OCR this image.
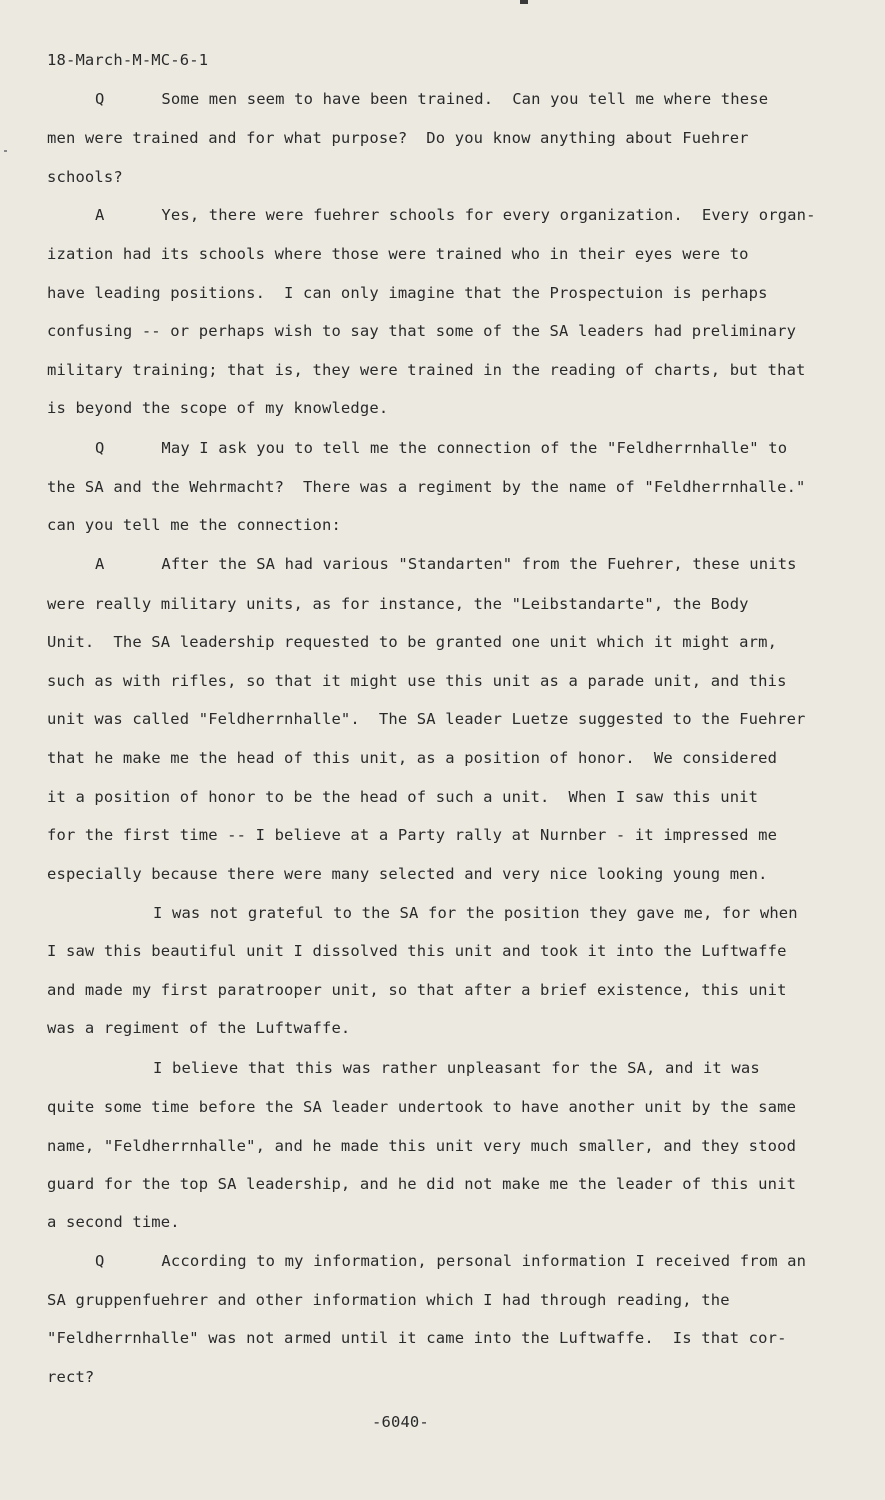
18-March-M-MC-6-1
Q      Some men seem to have been trained.  Can you tell me where these
men were trained and for what purpose?  Do you know anything about Fuehrer
schools?
A      Yes, there were fuehrer schools for every organization.  Every organ-
ization had its schools where those were trained who in their eyes were to
have leading positions.  I can only imagine that the Prospectuion is perhaps
confusing -- or perhaps wish to say that some of the SA leaders had preliminary
military training; that is, they were trained in the reading of charts, but that
is beyond the scope of my knowledge.
Q      May I ask you to tell me the connection of the "Feldherrnhalle" to
the SA and the Wehrmacht?  There was a regiment by the name of "Feldherrnhalle."
can you tell me the connection:
A      After the SA had various "Standarten" from the Fuehrer, these units
were really military units, as for instance, the "Leibstandarte", the Body
Unit.  The SA leadership requested to be granted one unit which it might arm,
such as with rifles, so that it might use this unit as a parade unit, and this
unit was called "Feldherrnhalle".  The SA leader Luetze suggested to the Fuehrer
that he make me the head of this unit, as a position of honor.  We considered
it a position of honor to be the head of such a unit.  When I saw this unit
for the first time -- I believe at a Party rally at Nurnber - it impressed me
especially because there were many selected and very nice looking young men.
I was not grateful to the SA for the position they gave me, for when
I saw this beautiful unit I dissolved this unit and took it into the Luftwaffe
and made my first paratrooper unit, so that after a brief existence, this unit
was a regiment of the Luftwaffe.
I believe that this was rather unpleasant for the SA, and it was
quite some time before the SA leader undertook to have another unit by the same
name, "Feldherrnhalle", and he made this unit very much smaller, and they stood
guard for the top SA leadership, and he did not make me the leader of this unit
a second time.
Q      According to my information, personal information I received from an
SA gruppenfuehrer and other information which I had through reading, the
"Feldherrnhalle" was not armed until it came into the Luftwaffe.  Is that cor-
rect?
-6040-
